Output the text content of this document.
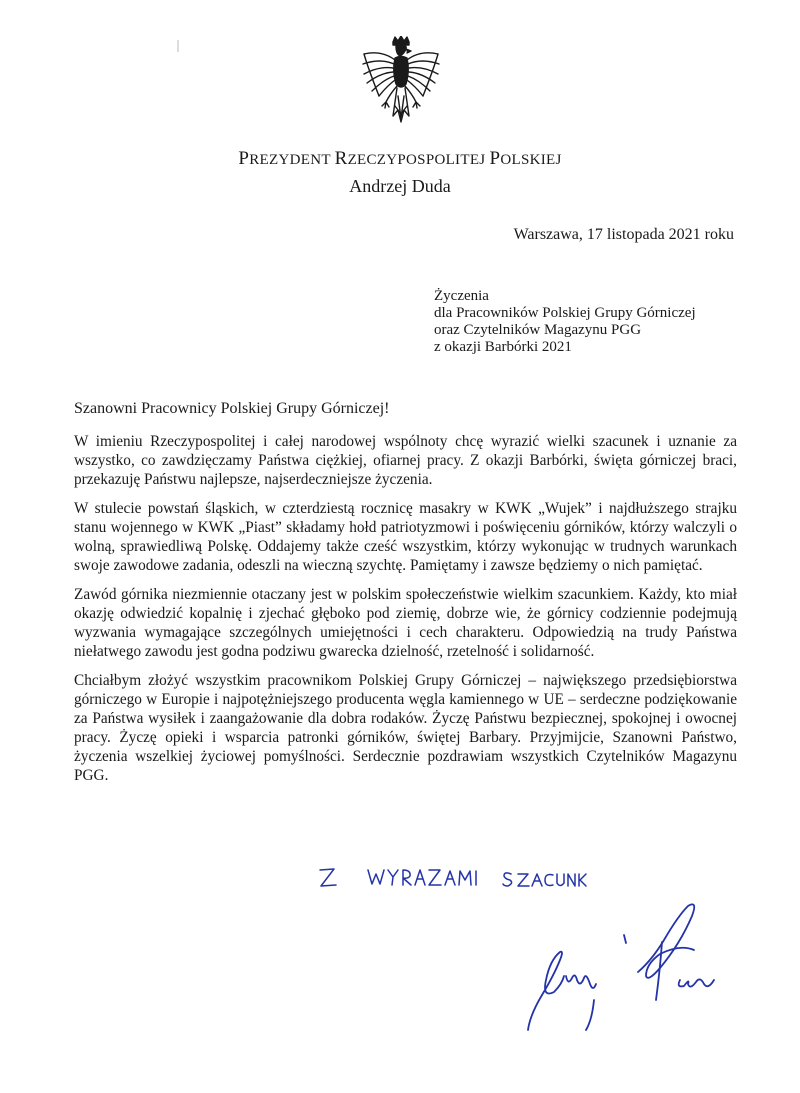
PREZYDENT RZECZYPOSPOLITEJ POLSKIEJ
Andrzej Duda
Warszawa, 17 listopada 2021 roku
Życzenia
dla Pracowników Polskiej Grupy Górniczej
oraz Czytelników Magazynu PGG
z okazji Barbórki 2021
Szanowni Pracownicy Polskiej Grupy Górniczej!

W imieniu Rzeczypospolitej i całej narodowej wspólnoty chcę wyrazić wielki szacunek i uznanie za wszystko, co zawdzięczamy Państwa ciężkiej, ofiarnej pracy. Z okazji Barbórki, święta górniczej braci, przekazuję Państwu najlepsze, najserdeczniejsze życzenia.

W stulecie powstań śląskich, w czterdziestą rocznicę masakry w KWK „Wujek” i najdłuższego strajku stanu wojennego w KWK „Piast” składamy hołd patriotyzmowi i poświęceniu górników, którzy walczyli o wolną, sprawiedliwą Polskę. Oddajemy także cześć wszystkim, którzy wykonując w trudnych warunkach swoje zawodowe zadania, odeszli na wieczną szychtę. Pamiętamy i zawsze będziemy o nich pamiętać.

Zawód górnika niezmiennie otaczany jest w polskim społeczeństwie wielkim szacunkiem. Każdy, kto miał okazję odwiedzić kopalnię i zjechać głęboko pod ziemię, dobrze wie, że górnicy codziennie podejmują wyzwania wymagające szczególnych umiejętności i cech charakteru. Odpowiedzią na trudy Państwa niełatwego zawodu jest godna podziwu gwarecka dzielność, rzetelność i solidarność.

Chciałbym złożyć wszystkim pracownikom Polskiej Grupy Górniczej – największego przedsiębiorstwa górniczego w Europie i najpotężniejszego producenta węgla kamiennego w UE – serdeczne podziękowanie za Państwa wysiłek i zaangażowanie dla dobra rodaków. Życzę Państwu bezpiecznej, spokojnej i owocnej pracy. Życzę opieki i wsparcia patronki górników, świętej Barbary. Przyjmijcie, Szanowni Państwo, życzenia wszelkiej życiowej pomyślności. Serdecznie pozdrawiam wszystkich Czytelników Magazynu PGG.
